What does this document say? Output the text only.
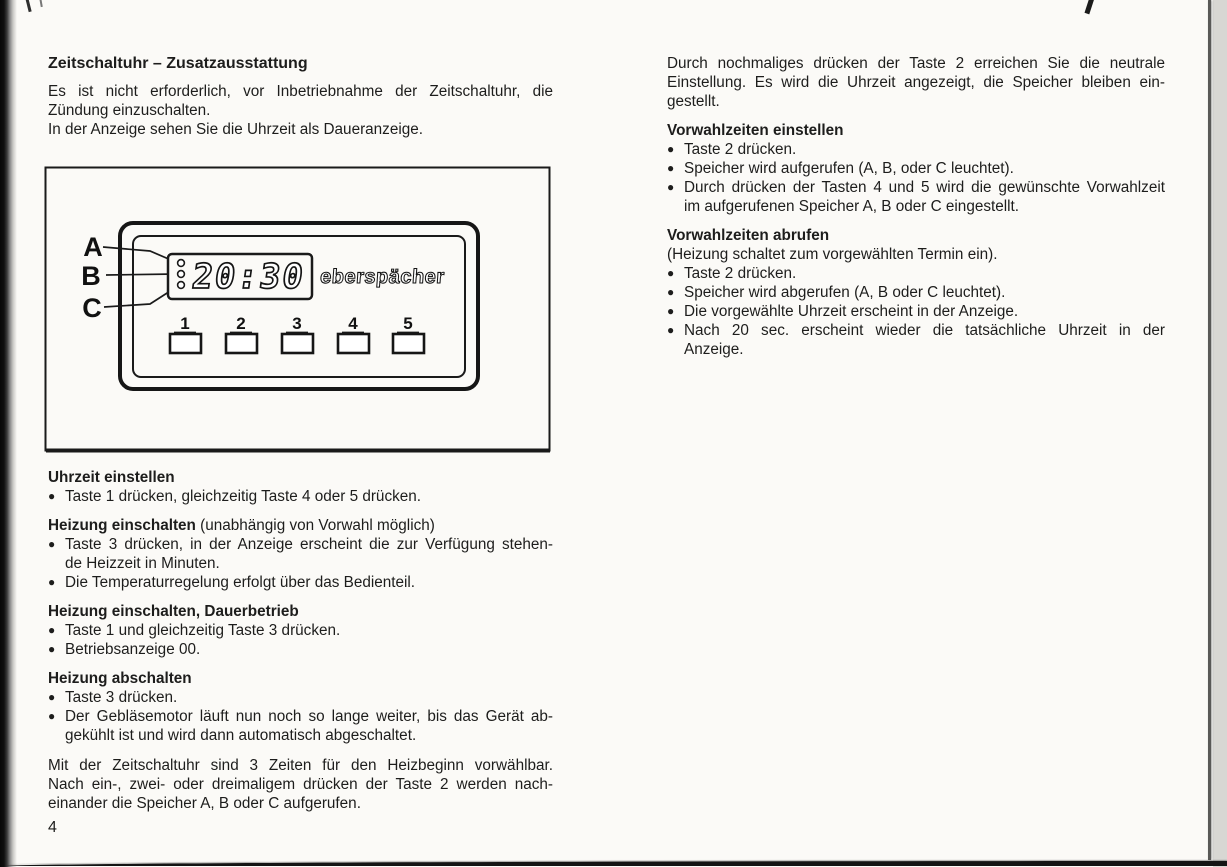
Zeitschaltuhr – Zusatzausstattung
Es ist nicht erforderlich, vor Inbetriebnahme der Zeitschaltuhr, die
Zündung einzuschalten.
In der Anzeige sehen Sie die Uhrzeit als Daueranzeige.
A
B
C
20:30 eberspächer
1	2	3	4	5
Uhrzeit einstellen
● Taste 1 drücken, gleichzeitig Taste 4 oder 5 drücken.
Heizung einschalten (unabhängig von Vorwahl möglich)
● Taste 3 drücken, in der Anzeige erscheint die zur Verfügung stehen-
de Heizzeit in Minuten.
● Die Temperaturregelung erfolgt über das Bedienteil.
Heizung einschalten, Dauerbetrieb
● Taste 1 und gleichzeitig Taste 3 drücken.
● Betriebsanzeige 00.
Heizung abschalten
● Taste 3 drücken.
● Der Gebläsemotor läuft nun noch so lange weiter, bis das Gerät ab-
gekühlt ist und wird dann automatisch abgeschaltet.
Mit der Zeitschaltuhr sind 3 Zeiten für den Heizbeginn vorwählbar.
Nach ein-, zwei- oder dreimaligem drücken der Taste 2 werden nach-
einander die Speicher A, B oder C aufgerufen.
Durch nochmaliges drücken der Taste 2 erreichen Sie die neutrale
Einstellung. Es wird die Uhrzeit angezeigt, die Speicher bleiben ein-
gestellt.
Vorwahlzeiten einstellen
● Taste 2 drücken.
● Speicher wird aufgerufen (A, B, oder C leuchtet).
● Durch drücken der Tasten 4 und 5 wird die gewünschte Vorwahlzeit
im aufgerufenen Speicher A, B oder C eingestellt.
Vorwahlzeiten abrufen
(Heizung schaltet zum vorgewählten Termin ein).
● Taste 2 drücken.
● Speicher wird abgerufen (A, B oder C leuchtet).
● Die vorgewählte Uhrzeit erscheint in der Anzeige.
● Nach 20 sec. erscheint wieder die tatsächliche Uhrzeit in der
Anzeige.
4
